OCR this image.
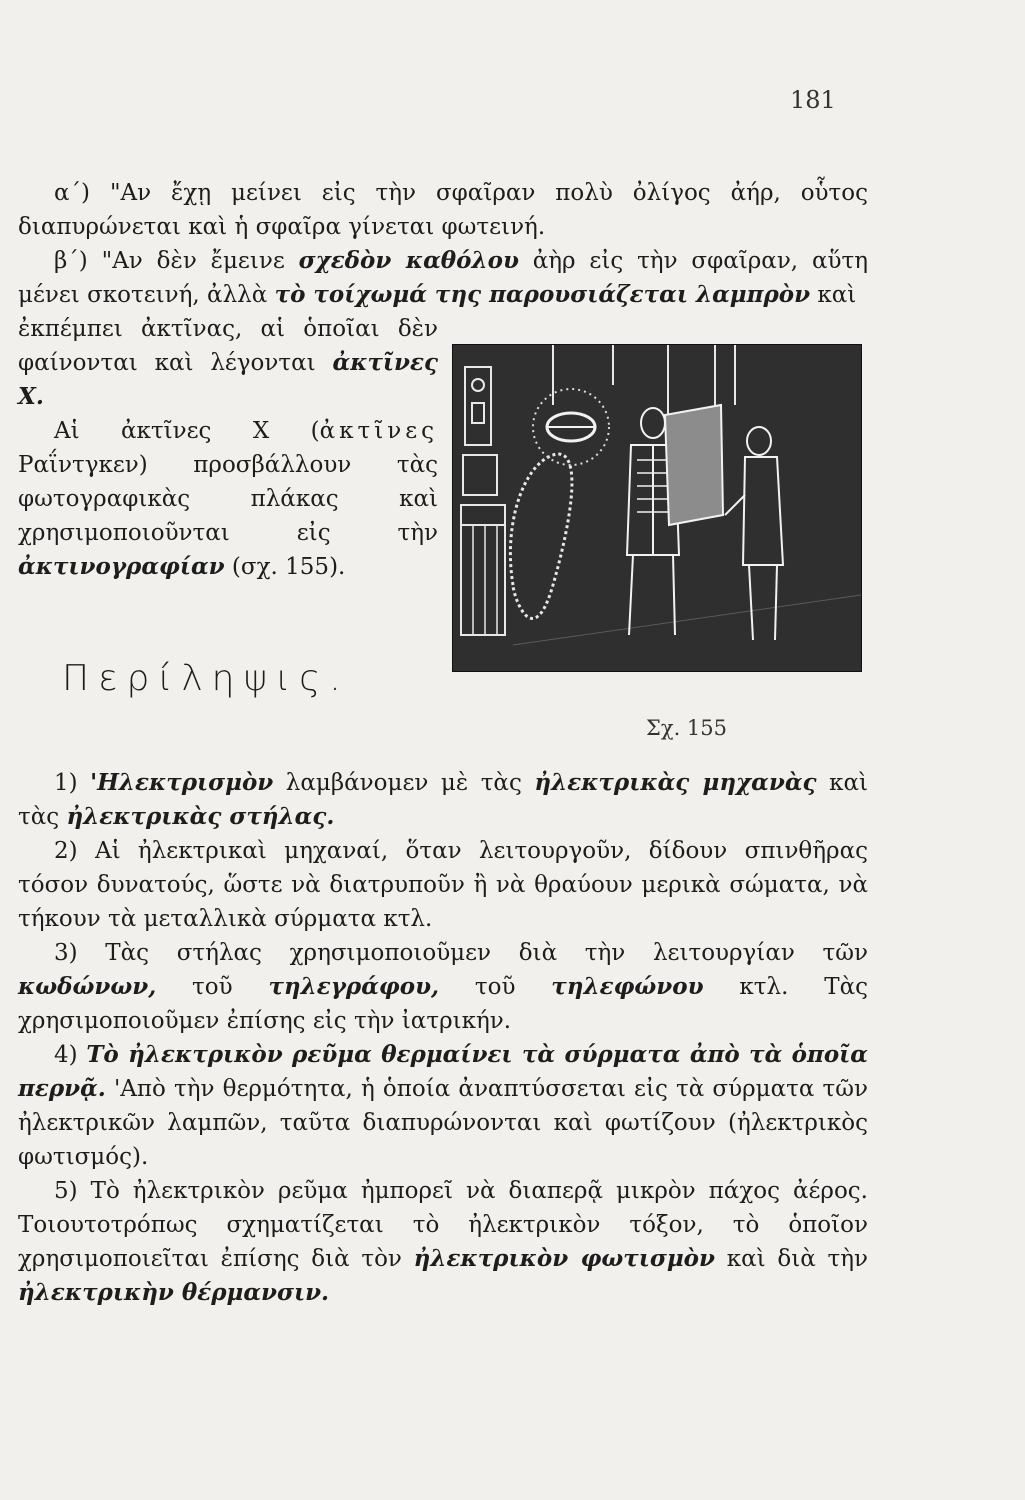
181

α΄) "Αν ἔχῃ μείνει εἰς τὴν σφαῖραν πολὺ ὀλίγος ἀήρ, οὗτος διαπυρώνεται καὶ ἡ σφαῖρα γίνεται φωτεινή.

β΄) "Αν δὲν ἔμεινε σχεδὸν καθόλου ἀὴρ εἰς τὴν σφαῖραν, αὕτη μένει σκοτεινή, ἀλλὰ τὸ τοίχωμά της παρουσιάζεται λαμπρὸν καὶ

ἐκπέμπει ἀκτῖνας, αἱ ὁποῖαι δὲν φαίνονται καὶ λέγονται ἀκτῖνες X.

Αἱ ἀκτῖνες Χ (ἀκτῖνες Ραΐντγκεν) προσβάλλουν τὰς φωτογραφικὰς πλάκας καὶ χρησιμοποιοῦνται εἰς τὴν ἀκτινογραφίαν (σχ. 155).

Περίληψις.
Σχ. 155

1) 'Ηλεκτρισμὸν λαμβάνομεν μὲ τὰς ἠλεκτρικὰς μηχανὰς καὶ τὰς ἠλεκτρικὰς στήλας.

2) Αἱ ἠλεκτρικαὶ μηχαναί, ὅταν λειτουργοῦν, δίδουν σπινθῆρας τόσον δυνατούς, ὥστε νὰ διατρυποῦν ἢ νὰ θραύουν μερικὰ σώματα, νὰ τήκουν τὰ μεταλλικὰ σύρματα κτλ.

3) Τὰς στήλας χρησιμοποιοῦμεν διὰ τὴν λειτουργίαν τῶν κωδώνων, τοῦ τηλεγράφου, τοῦ τηλεφώνου κτλ. Τὰς χρησιμοποιοῦμεν ἐπίσης εἰς τὴν ἰατρικήν.

4) Τὸ ἠλεκτρικὸν ρεῦμα θερμαίνει τὰ σύρματα ἀπὸ τὰ ὁποῖα περνᾷ. 'Απὸ τὴν θερμότητα, ἡ ὁποία ἀναπτύσσεται εἰς τὰ σύρματα τῶν ἠλεκτρικῶν λαμπῶν, ταῦτα διαπυρώνονται καὶ φωτίζουν (ἠλεκτρικὸς φωτισμός).

5) Τὸ ἠλεκτρικὸν ρεῦμα ἠμπορεῖ νὰ διαπερᾷ μικρὸν πάχος ἀέρος. Τοιουτοτρόπως σχηματίζεται τὸ ἠλεκτρικὸν τόξον, τὸ ὁποῖον χρησιμοποιεῖται ἐπίσης διὰ τὸν ἠλεκτρικὸν φωτισμὸν καὶ διὰ τὴν ἠλεκτρικὴν θέρμανσιν.
